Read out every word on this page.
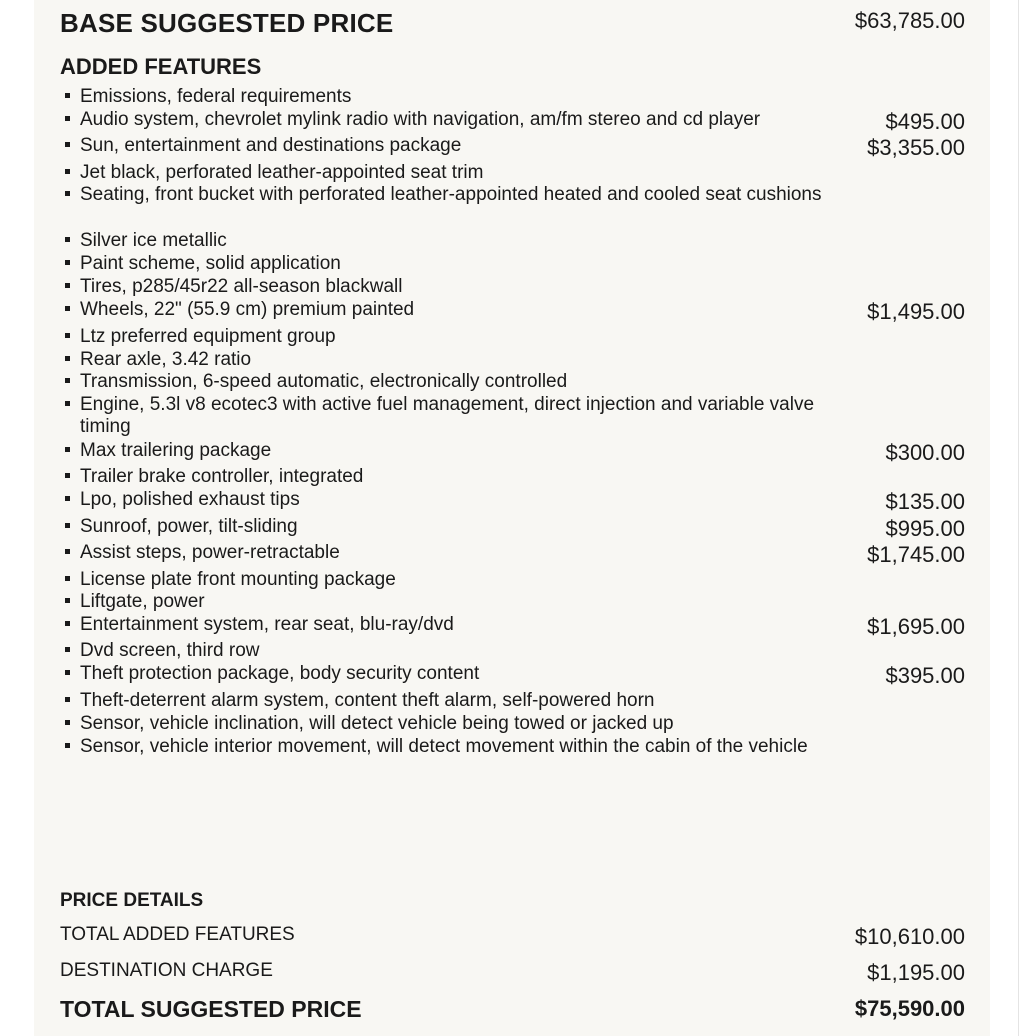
BASE SUGGESTED PRICE	$63,785.00
ADDED FEATURES
Emissions, federal requirements
Audio system, chevrolet mylink radio with navigation, am/fm stereo and cd player	$495.00
Sun, entertainment and destinations package	$3,355.00
Jet black, perforated leather-appointed seat trim
Seating, front bucket with perforated leather-appointed heated and cooled seat cushions
Silver ice metallic
Paint scheme, solid application
Tires, p285/45r22 all-season blackwall
Wheels, 22" (55.9 cm) premium painted	$1,495.00
Ltz preferred equipment group
Rear axle, 3.42 ratio
Transmission, 6-speed automatic, electronically controlled
Engine, 5.3l v8 ecotec3 with active fuel management, direct injection and variable valve timing
Max trailering package	$300.00
Trailer brake controller, integrated
Lpo, polished exhaust tips	$135.00
Sunroof, power, tilt-sliding	$995.00
Assist steps, power-retractable	$1,745.00
License plate front mounting package
Liftgate, power
Entertainment system, rear seat, blu-ray/dvd	$1,695.00
Dvd screen, third row
Theft protection package, body security content	$395.00
Theft-deterrent alarm system, content theft alarm, self-powered horn
Sensor, vehicle inclination, will detect vehicle being towed or jacked up
Sensor, vehicle interior movement, will detect movement within the cabin of the vehicle
PRICE DETAILS
TOTAL ADDED FEATURES	$10,610.00
DESTINATION CHARGE	$1,195.00
TOTAL SUGGESTED PRICE	$75,590.00
